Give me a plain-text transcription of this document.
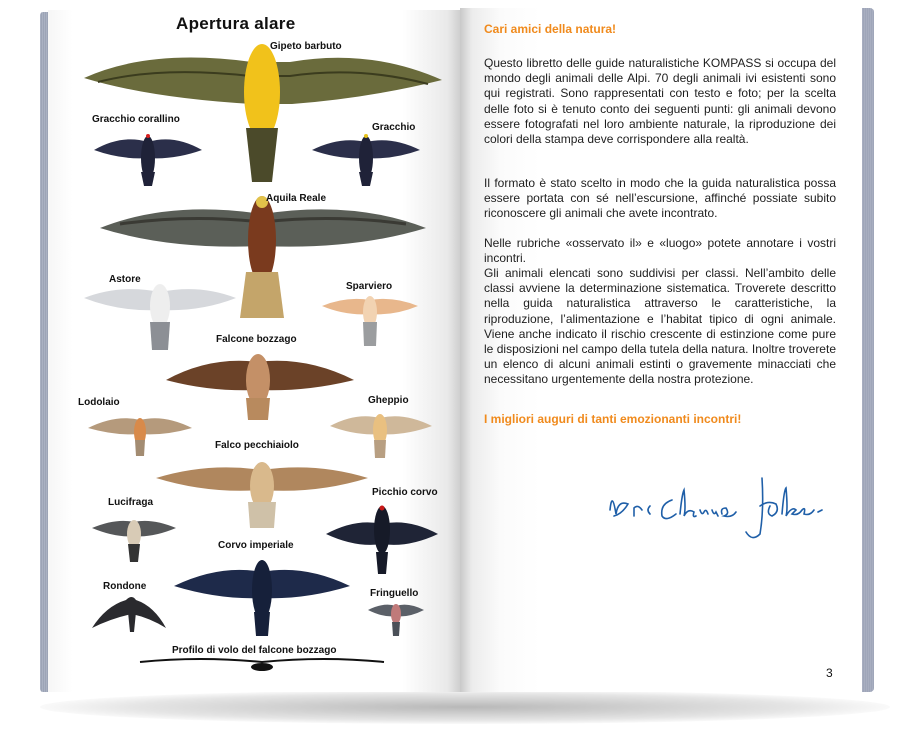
Apertura alare
Gipeto barbuto
Gracchio corallino
Gracchio
Aquila Reale
Astore
Sparviero
Falcone bozzago
Lodolaio	Gheppio
Falco pecchiaiolo
Lucifraga
Picchio corvo
Corvo imperiale
Rondone
Fringuello
Profilo di volo del falcone bozzago
Cari amici della natura!
Questo libretto delle guide naturalistiche KOMPASS si occupa del mondo degli animali delle Alpi. 70 degli animali ivi esistenti sono qui registrati. Sono rappresentati con testo e foto; per la scelta delle foto si è tenuto conto dei seguenti punti: gli animali devono essere fotografati nel loro ambiente naturale, la riproduzione dei colori della stampa deve corrispondere alla realtà.
Il formato è stato scelto in modo che la guida naturalistica possa essere portata con sé nell’escursione, affinché possiate subito riconoscere gli animali che avete incontrato.
Nelle rubriche «osservato il» e «luogo» potete annotare i vostri incontri.
Gli animali elencati sono suddivisi per classi. Nell’ambito delle classi avviene la determinazione sistematica. Troverete descritto nella guida naturalistica attraverso le caratteristiche, la riproduzione, l’alimentazione e l’habitat tipico di ogni animale. Viene anche indicato il rischio crescente di estinzione come pure le disposizioni nel campo della tutela della natura. Inoltre troverete un elenco di alcuni animali estinti o gravemente minacciati che necessitano urgentemente della nostra protezione.
I migliori auguri di tanti emozionanti incontri!
3
